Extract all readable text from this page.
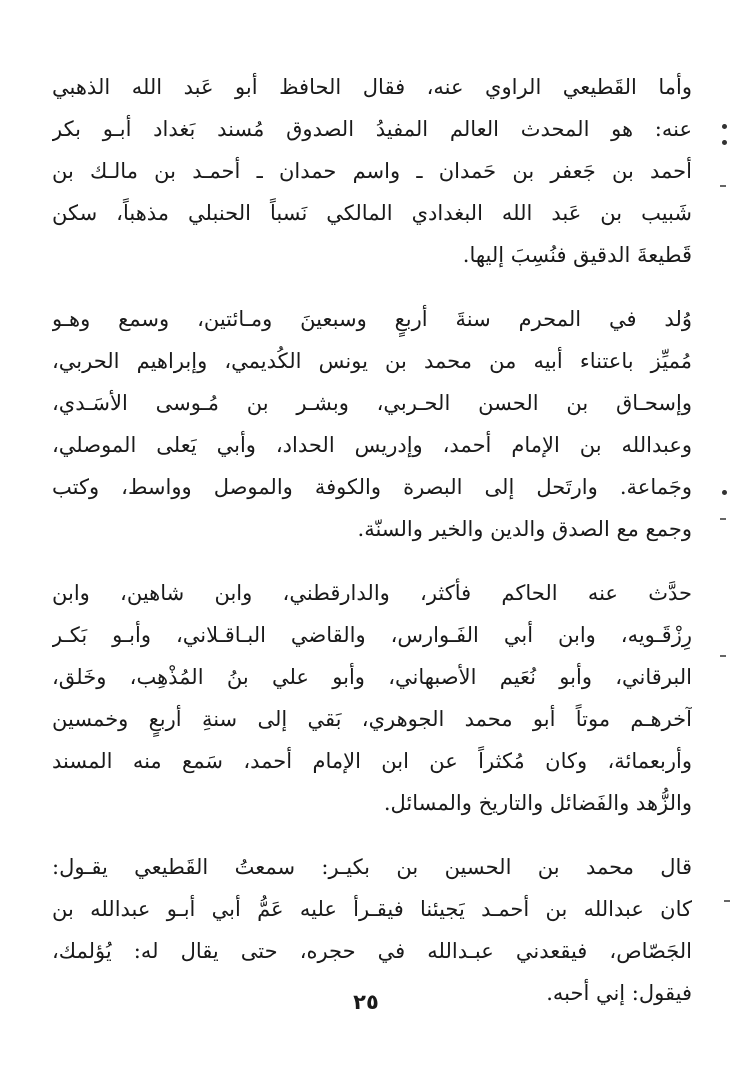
وأما القَطيعي الراوي عنه، فقال الحافظ أبو عَبد الله الذهبي
عنه: هو المحدث العالم المفيدُ الصدوق مُسند بَغداد أبـو بكر
أحمد بن جَعفر بن حَمدان ـ واسم حمدان ـ أحمـد بن مالـك بن
شَبيب بن عَبد الله البغدادي المالكي نَسباً الحنبلي مذهباً، سكن
قَطيعةَ الدقيق فنُسِبَ إليها.
وُلد في المحرم سنةَ أربعٍ وسبعينَ ومـائتين، وسمع وهـو
مُميِّز باعتناء أبيه من محمد بن يونس الكُديمي، وإبراهيم الحربي،
وإسحـاق بن الحسن الحـربي، وبشـر بن مُـوسى الأسَـدي،
وعبدالله بن الإمام أحمد، وإدريس الحداد، وأبي يَعلى الموصلي،
وجَماعة. وارتَحل إلى البصرة والكوفة والموصل وواسط، وكتب
وجمع مع الصدق والدين والخير والسنّة.
حدَّث عنه الحاكم فأكثر، والدارقطني، وابن شاهين، وابن
رِزْقَـويه، وابن أبي الفَـوارس، والقاضي البـاقـلاني، وأبـو بَكـر
البرقاني، وأبو نُعَيم الأصبهاني، وأبو علي بنُ المُذْهِب، وخَلق،
آخرهـم موتاً أبو محمد الجوهري، بَقي إلى سنةِ أربعٍ وخمسين
وأربعمائة، وكان مُكثراً عن ابن الإمام أحمد، سَمع منه المسند
والزُّهد والفَضائل والتاريخ والمسائل.
قال محمد بن الحسين بن بكيـر: سمعتُ القَطيعي يقـول:
كان عبدالله بن أحمـد يَجيئنا فيقـرأ عليه عَمُّ أبي أبـو عبدالله بن
الجَصّاص، فيقعدني عبـدالله في حجره، حتى يقال له: يُؤلمك،
فيقول: إني أحبه.
٢٥
